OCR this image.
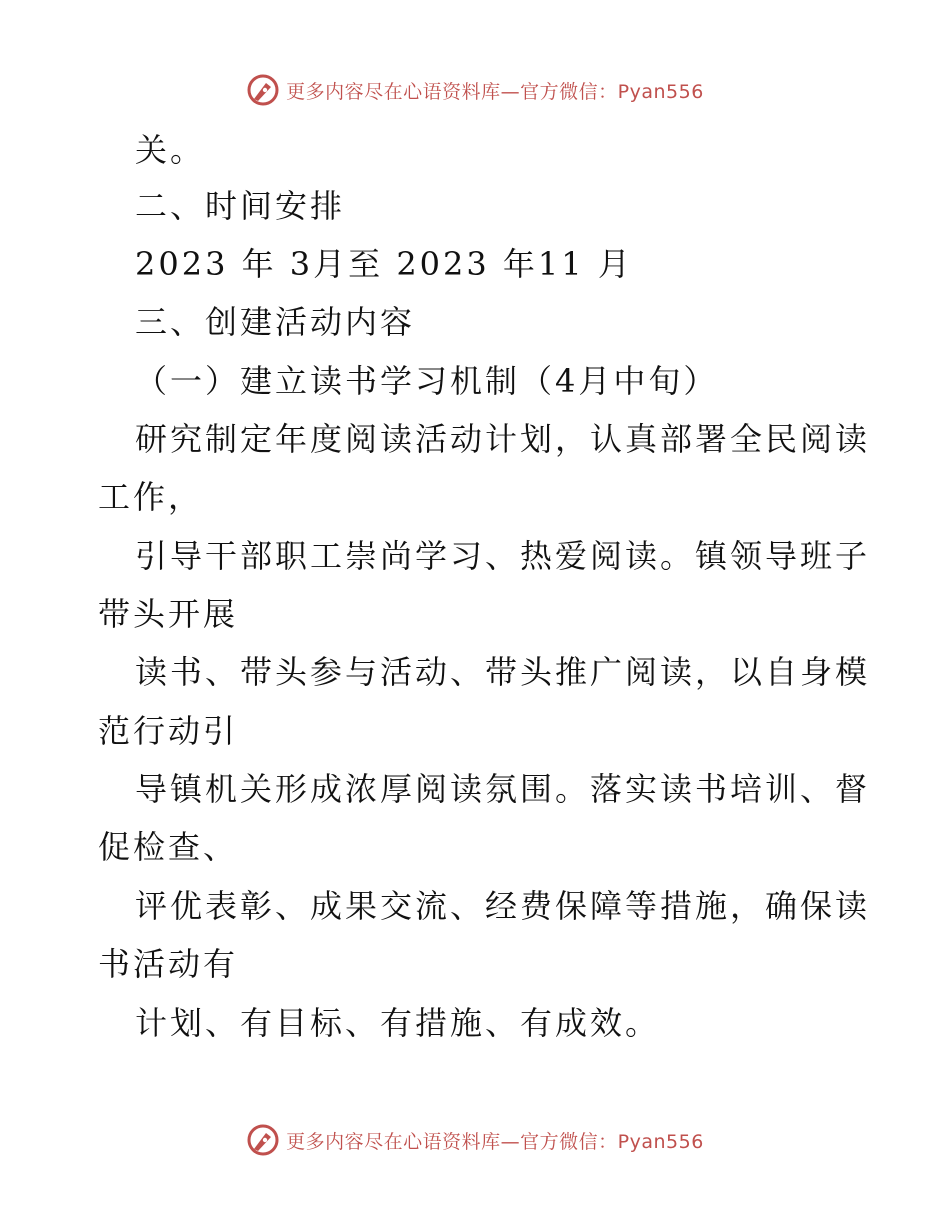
更多内容尽在心语资料库—官方微信：Pyan556
关。
二、时间安排
2023 年 3月至 2023 年11 月
三、创建活动内容
（一）建立读书学习机制（4月中旬）
研究制定年度阅读活动计划，认真部署全民阅读
工作，
引导干部职工崇尚学习、热爱阅读。镇领导班子
带头开展
读书、带头参与活动、带头推广阅读，以自身模
范行动引
导镇机关形成浓厚阅读氛围。落实读书培训、督
促检查、
评优表彰、成果交流、经费保障等措施，确保读
书活动有
计划、有目标、有措施、有成效。
更多内容尽在心语资料库—官方微信：Pyan556
